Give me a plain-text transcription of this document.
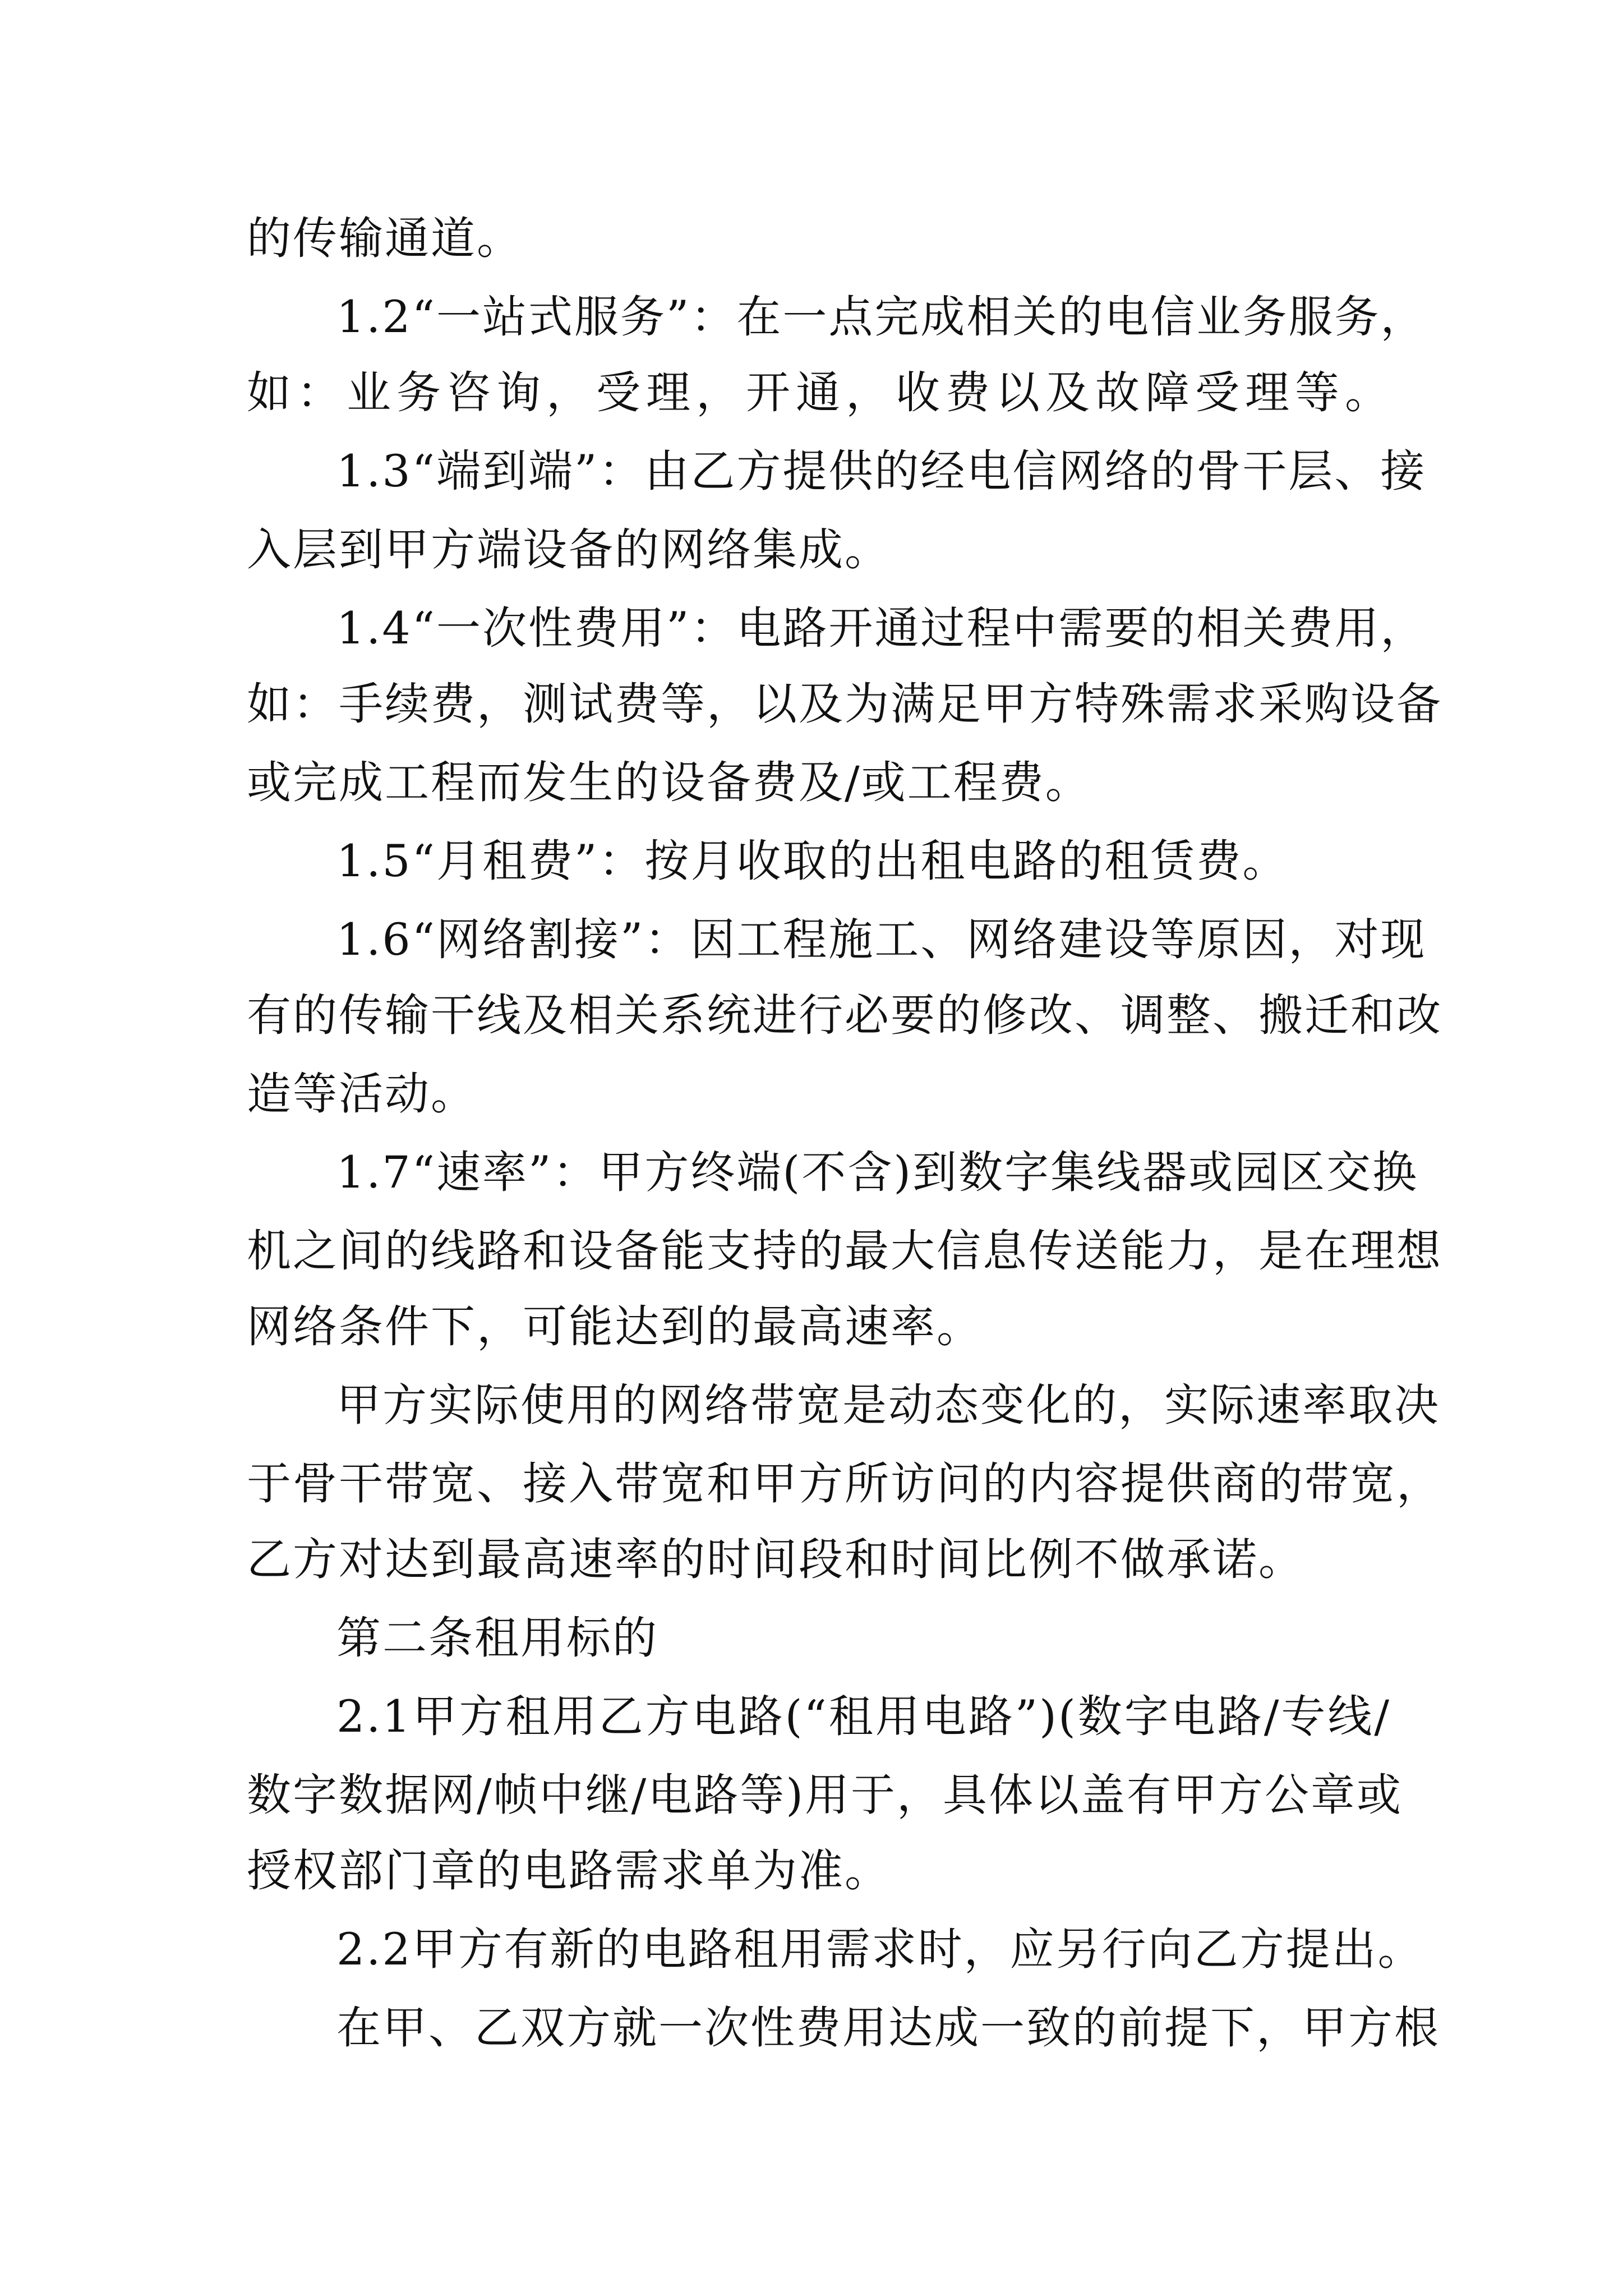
的传输通道。
1.2“一站式服务”：在一点完成相关的电信业务服务，
如：业务咨询，受理，开通，收费以及故障受理等。
1.3“端到端”：由乙方提供的经电信网络的骨干层、接
入层到甲方端设备的网络集成。
1.4“一次性费用”：电路开通过程中需要的相关费用，
如：手续费，测试费等，以及为满足甲方特殊需求采购设备
或完成工程而发生的设备费及/或工程费。
1.5“月租费”：按月收取的出租电路的租赁费。
1.6“网络割接”：因工程施工、网络建设等原因，对现
有的传输干线及相关系统进行必要的修改、调整、搬迁和改
造等活动。
1.7“速率”：甲方终端(不含)到数字集线器或园区交换
机之间的线路和设备能支持的最大信息传送能力，是在理想
网络条件下，可能达到的最高速率。
甲方实际使用的网络带宽是动态变化的，实际速率取决
于骨干带宽、接入带宽和甲方所访问的内容提供商的带宽，
乙方对达到最高速率的时间段和时间比例不做承诺。
第二条租用标的
2.1甲方租用乙方电路(“租用电路”)(数字电路/专线/
数字数据网/帧中继/电路等)用于，具体以盖有甲方公章或
授权部门章的电路需求单为准。
2.2甲方有新的电路租用需求时，应另行向乙方提出。
在甲、乙双方就一次性费用达成一致的前提下，甲方根
